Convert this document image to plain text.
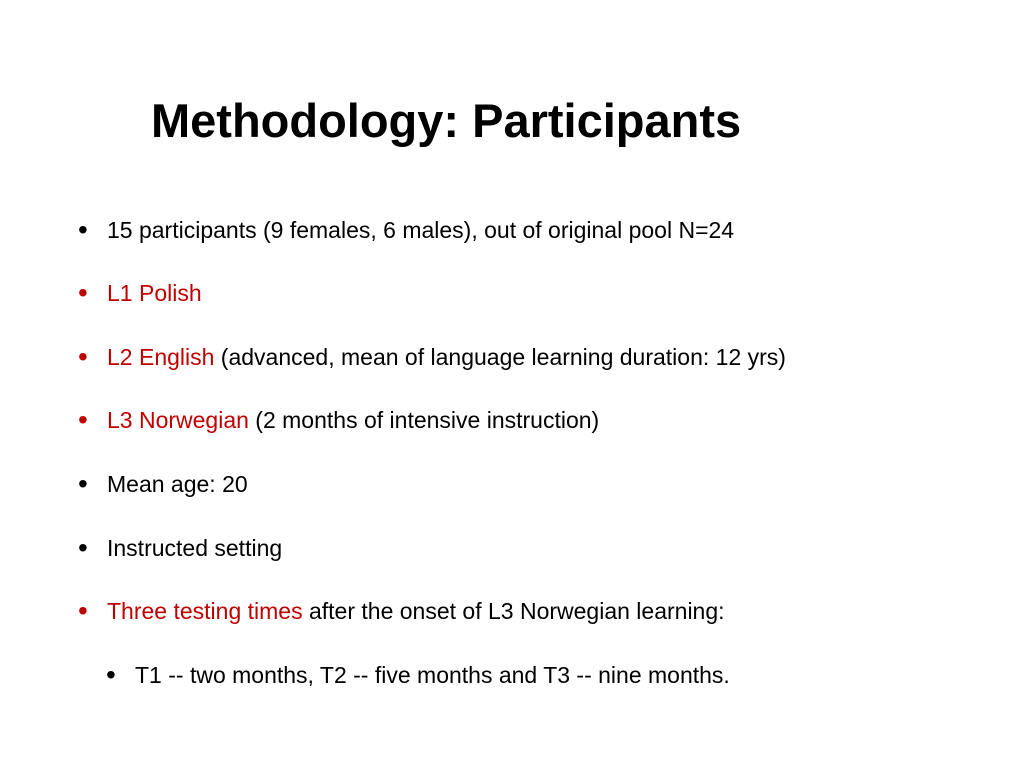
Methodology: Participants
• 15 participants (9 females, 6 males), out of original pool N=24
• L1 Polish
• L2 English (advanced, mean of language learning duration: 12 yrs)
• L3 Norwegian (2 months of intensive instruction)
• Mean age: 20
• Instructed setting
• Three testing times after the onset of L3 Norwegian learning:
• T1 -- two months, T2 -- five months and T3 -- nine months.
